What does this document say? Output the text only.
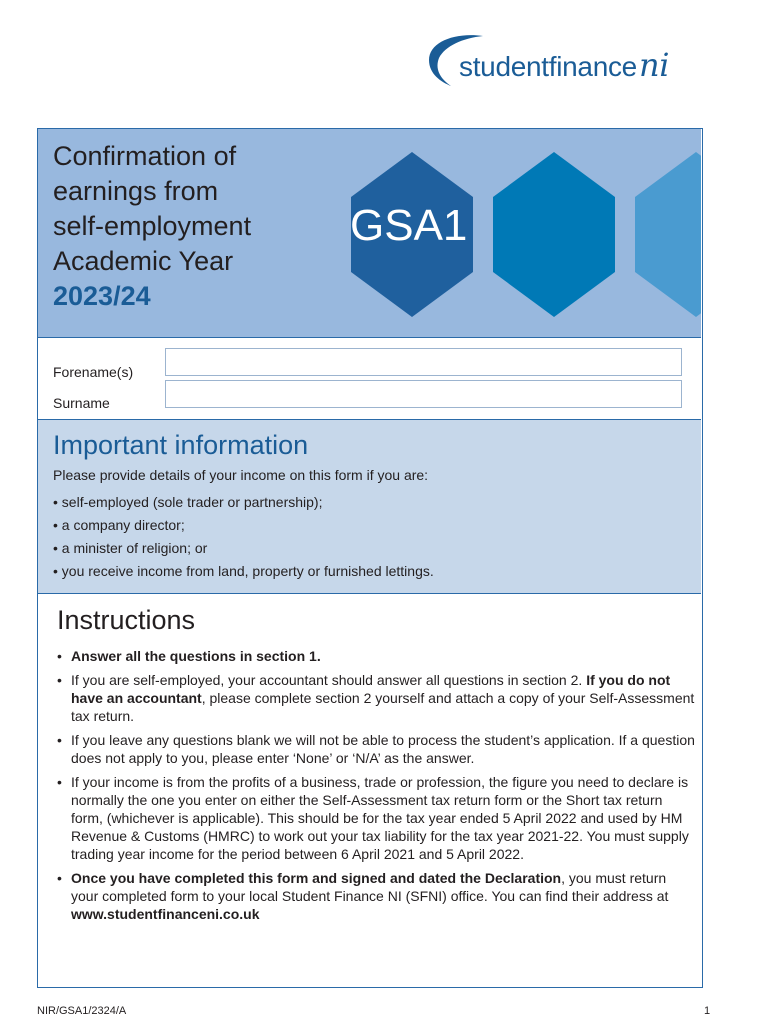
studentfinanceni
Confirmation of
earnings from
self-employment
Academic Year
2023/24
GSA1
Forename(s)
Surname
Important information
Please provide details of your income on this form if you are:
• self-employed (sole trader or partnership);
• a company director;
• a minister of religion; or
• you receive income from land, property or furnished lettings.
Instructions
• Answer all the questions in section 1.
• If you are self-employed, your accountant should answer all questions in section 2. If you do not have an accountant, please complete section 2 yourself and attach a copy of your Self-Assessment tax return.
• If you leave any questions blank we will not be able to process the student’s application. If a question does not apply to you, please enter ‘None’ or ‘N/A’ as the answer.
• If your income is from the profits of a business, trade or profession, the figure you need to declare is normally the one you enter on either the Self-Assessment tax return form or the Short tax return form, (whichever is applicable). This should be for the tax year ended 5 April 2022 and used by HM Revenue & Customs (HMRC) to work out your tax liability for the tax year 2021-22. You must supply trading year income for the period between 6 April 2021 and 5 April 2022.
• Once you have completed this form and signed and dated the Declaration, you must return your completed form to your local Student Finance NI (SFNI) office. You can find their address at www.studentfinanceni.co.uk
NIR/GSA1/2324/A	1
